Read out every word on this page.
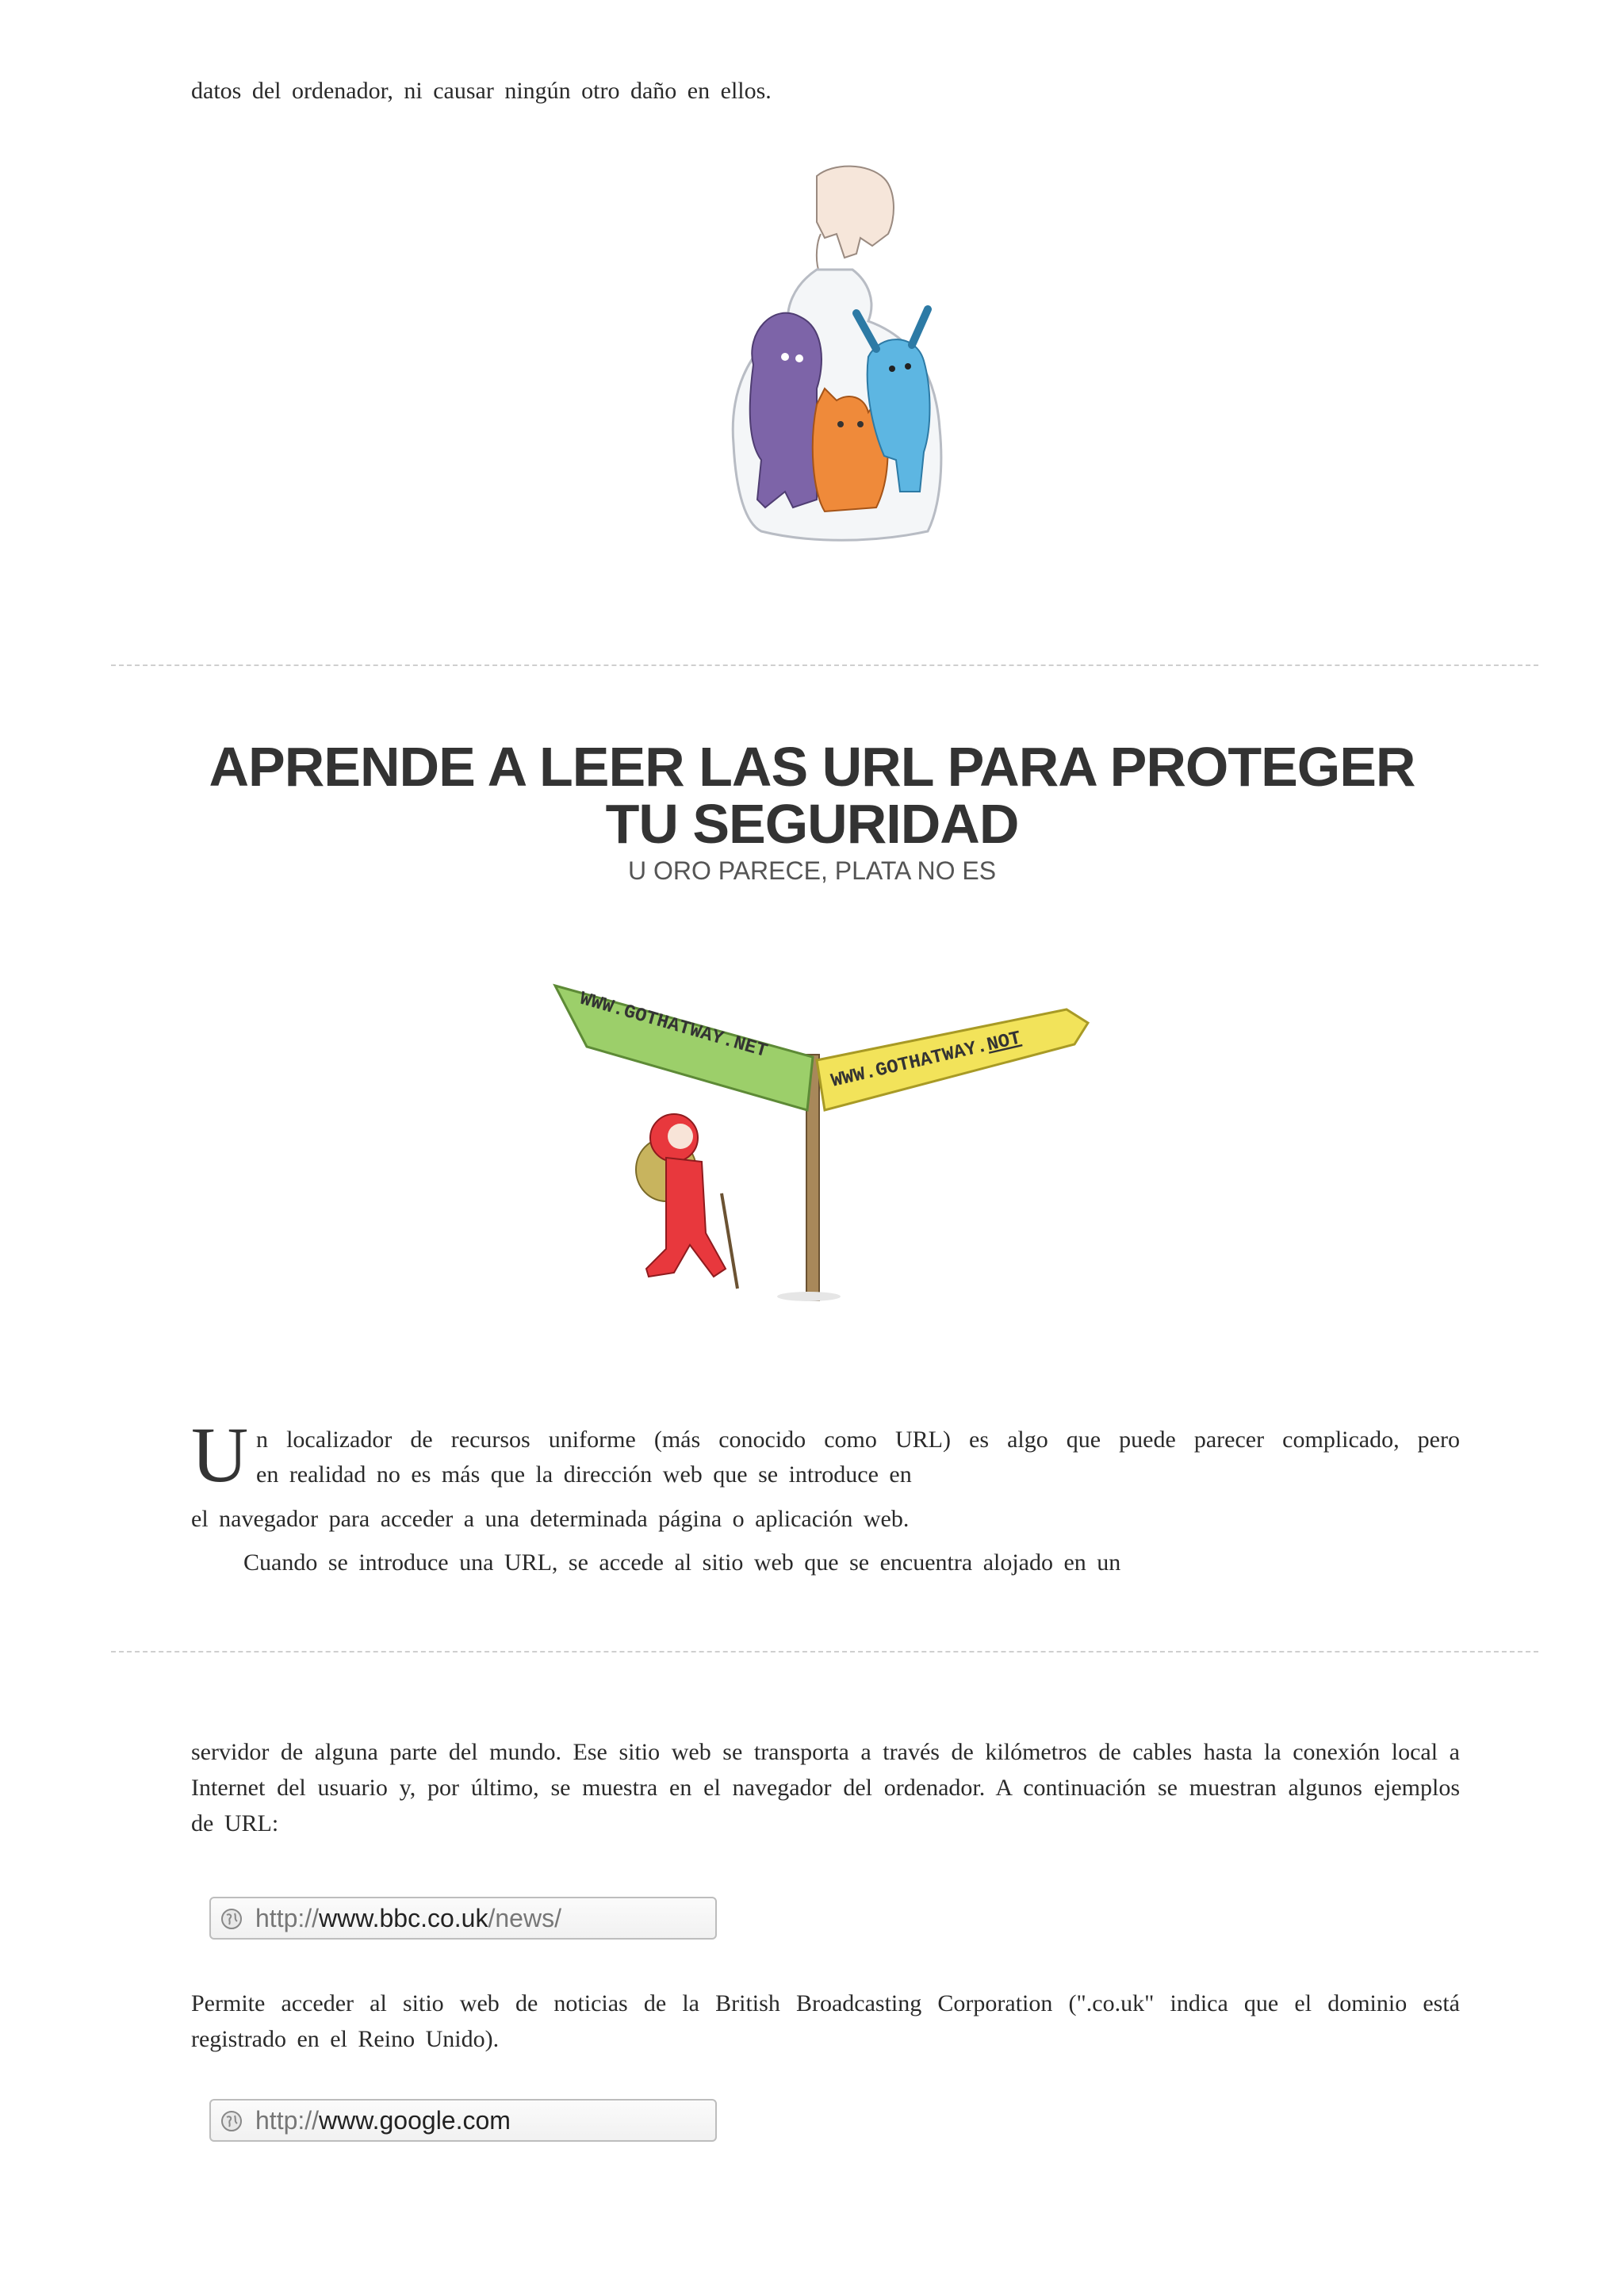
datos del ordenador, ni causar ningún otro daño en ellos.
APRENDE A LEER LAS URL PARA PROTEGER
TU SEGURIDAD
U ORO PARECE, PLATA NO ES
WWW.GOTHATWAY.NET
WWW.GOTHATWAY.NOT
U n localizador de recursos uniforme (más conocido como URL) es algo que puede parecer complicado, pero
en realidad no es más que la dirección web que se introduce en
el navegador para acceder a una determinada página o aplicación web.
Cuando se introduce una URL, se accede al sitio web que se encuentra alojado en un
servidor de alguna parte del mundo. Ese sitio web se transporta a través de kilómetros de cables hasta la conexión local a Internet del usuario y, por último, se muestra en el navegador del ordenador. A continuación se muestran algunos ejemplos de URL:
http://www.bbc.co.uk/news/
Permite acceder al sitio web de noticias de la British Broadcasting Corporation (".co.uk" indica que el dominio está registrado en el Reino Unido).
http://www.google.com
